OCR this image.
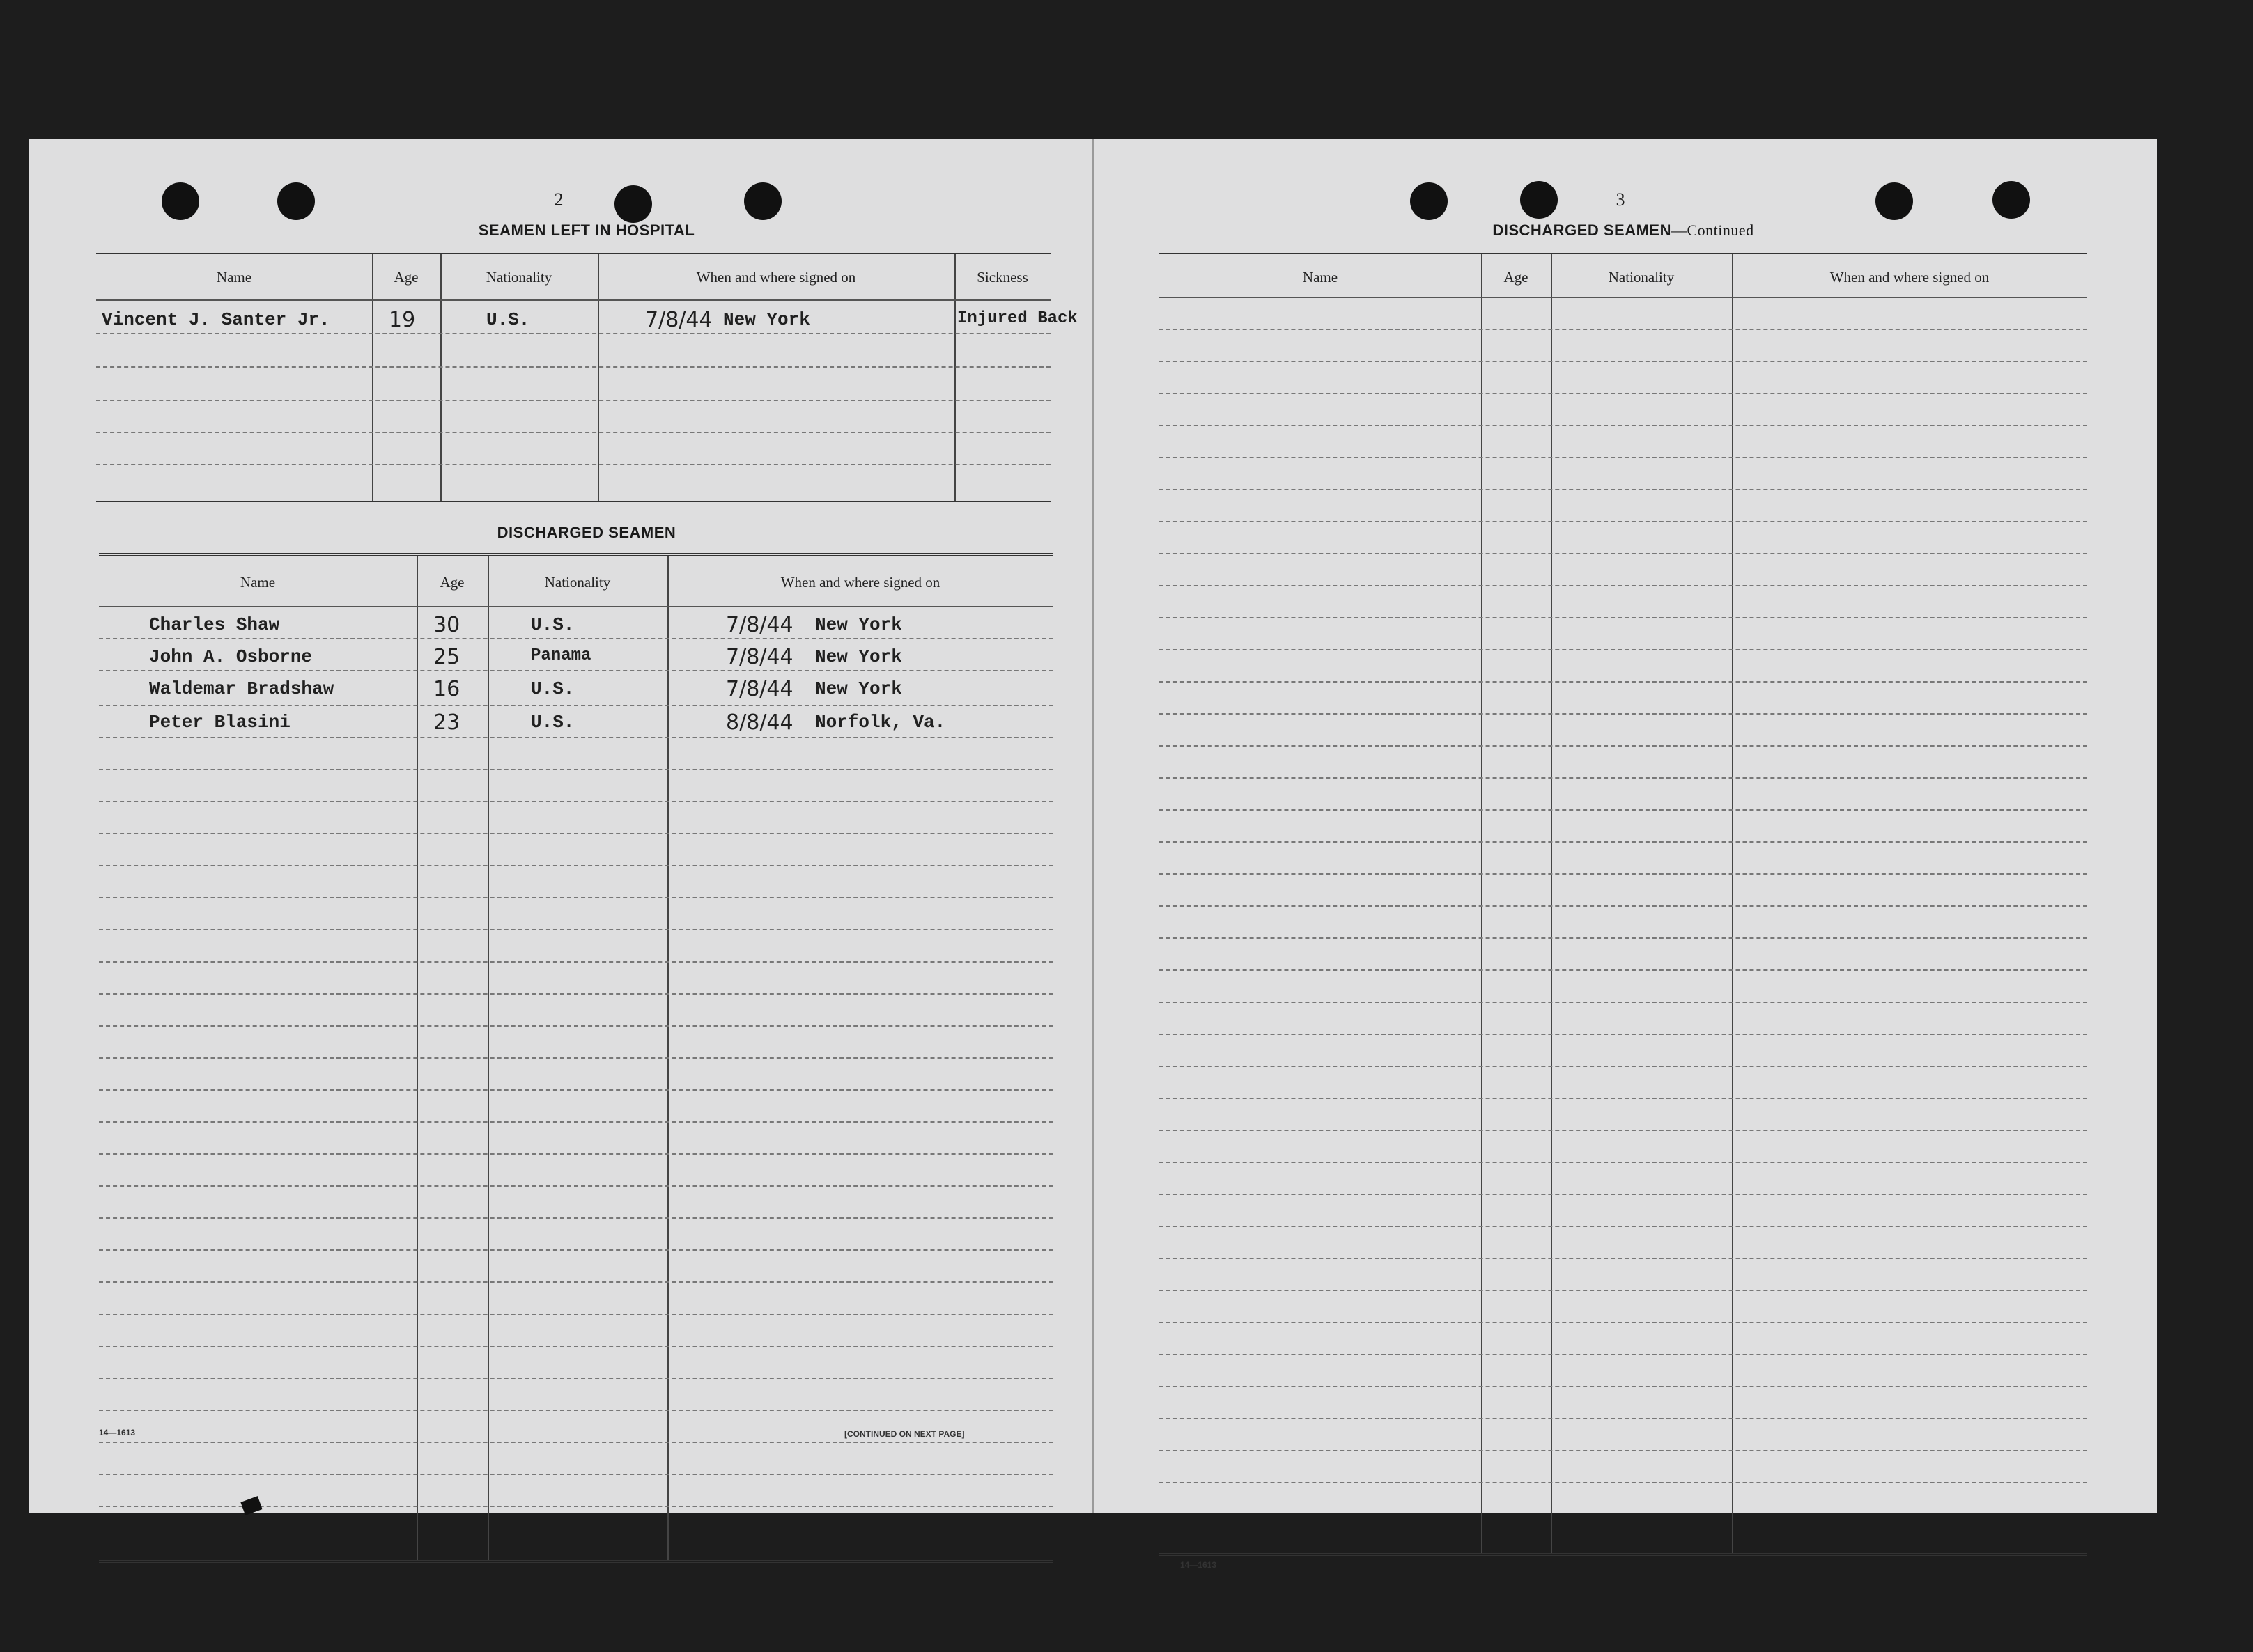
2
SEAMEN LEFT IN HOSPITAL
Name	Age	Nationality	When and where signed on	Sickness
Vincent J. Santer Jr.	19	U.S.	7/8/44 New York	Injured Back
DISCHARGED SEAMEN
Name	Age	Nationality	When and where signed on
Charles Shaw	30	U.S.	7/8/44 New York
John A. Osborne	25	Panama	7/8/44 New York
Waldemar Bradshaw	16	U.S.	7/8/44 New York
Peter Blasini	23	U.S.	8/8/44 Norfolk, Va.
14—1613	[CONTINUED ON NEXT PAGE]
3
DISCHARGED SEAMEN—Continued
Name	Age	Nationality	When and where signed on
14—1613
